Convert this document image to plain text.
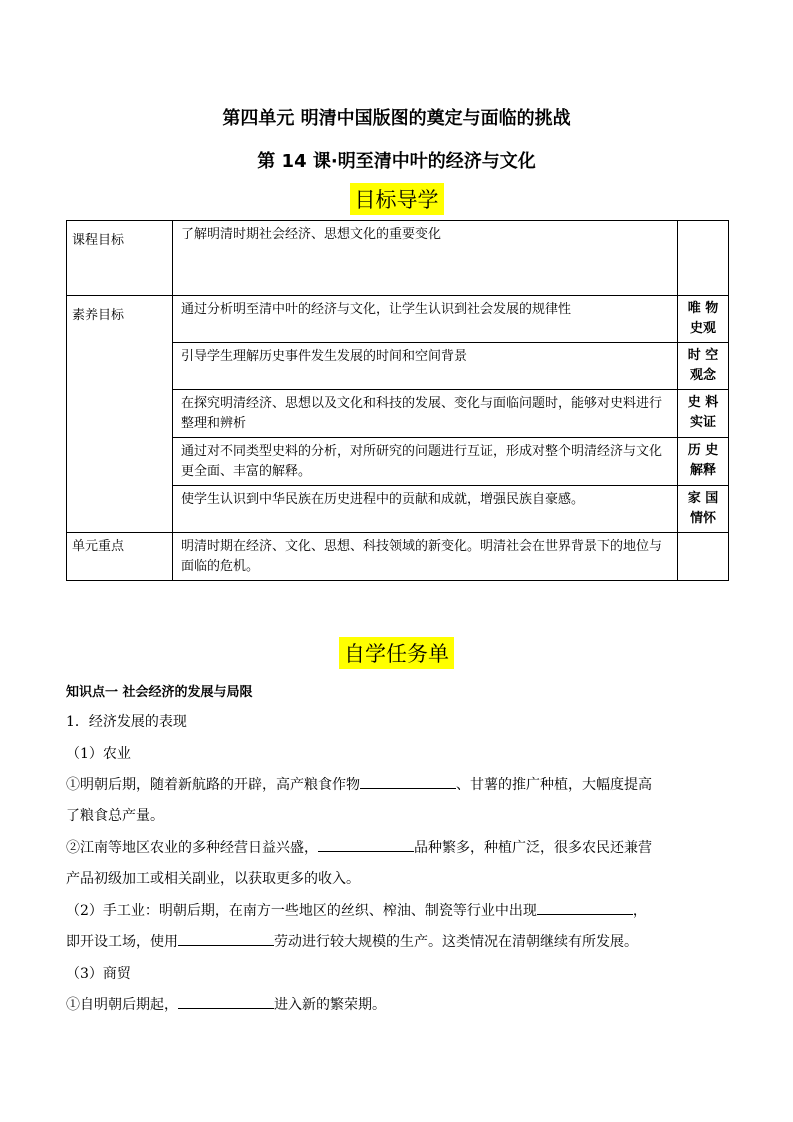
第四单元 明清中国版图的奠定与面临的挑战
第 14 课·明至清中叶的经济与文化
目标导学
课程目标	了解明清时期社会经济、思想文化的重要变化	
素养目标	通过分析明至清中叶的经济与文化，让学生认识到社会发展的规律性	唯 物 史观
	引导学生理解历史事件发生发展的时间和空间背景	时 空 观念
	在探究明清经济、思想以及文化和科技的发展、变化与面临问题时，能够对史料进行整理和辨析	史 料 实证
	通过对不同类型史料的分析，对所研究的问题进行互证，形成对整个明清经济与文化更全面、丰富的解释。	历 史 解释
	使学生认识到中华民族在历史进程中的贡献和成就，增强民族自豪感。	家 国 情怀
单元重点	明清时期在经济、文化、思想、科技领域的新变化。明清社会在世界背景下的地位与面临的危机。	
自学任务单
知识点一 社会经济的发展与局限
1．经济发展的表现
（1）农业
①明朝后期，随着新航路的开辟，高产粮食作物	、甘薯的推广种植，大幅度提高
了粮食总产量。
②江南等地区农业的多种经营日益兴盛，	品种繁多，种植广泛，很多农民还兼营
产品初级加工或相关副业，以获取更多的收入。
（2）手工业：明朝后期，在南方一些地区的丝织、榨油、制瓷等行业中出现	，
即开设工场，使用	劳动进行较大规模的生产。这类情况在清朝继续有所发展。
（3）商贸
①自明朝后期起，	进入新的繁荣期。
